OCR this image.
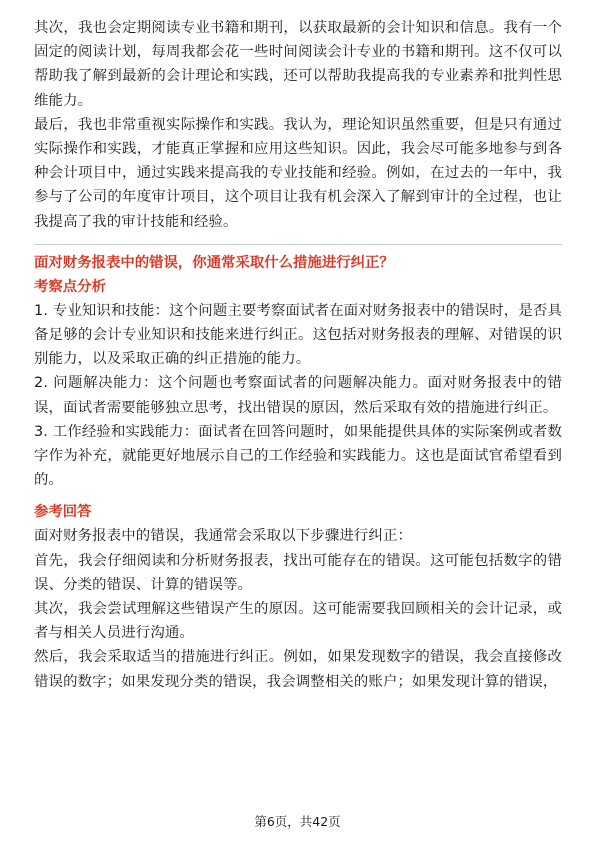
其次，我也会定期阅读专业书籍和期刊，以获取最新的会计知识和信息。我有一个固定的阅读计划，每周我都会花一些时间阅读会计专业的书籍和期刊。这不仅可以帮助我了解到最新的会计理论和实践，还可以帮助我提高我的专业素养和批判性思维能力。

最后，我也非常重视实际操作和实践。我认为，理论知识虽然重要，但是只有通过实际操作和实践，才能真正掌握和应用这些知识。因此，我会尽可能多地参与到各种会计项目中，通过实践来提高我的专业技能和经验。例如，在过去的一年中，我参与了公司的年度审计项目，这个项目让我有机会深入了解到审计的全过程，也让我提高了我的审计技能和经验。

面对财务报表中的错误，你通常采取什么措施进行纠正？

考察点分析

1. 专业知识和技能：这个问题主要考察面试者在面对财务报表中的错误时，是否具备足够的会计专业知识和技能来进行纠正。这包括对财务报表的理解、对错误的识别能力，以及采取正确的纠正措施的能力。

2. 问题解决能力：这个问题也考察面试者的问题解决能力。面对财务报表中的错误，面试者需要能够独立思考，找出错误的原因，然后采取有效的措施进行纠正。

3. 工作经验和实践能力：面试者在回答问题时，如果能提供具体的实际案例或者数字作为补充，就能更好地展示自己的工作经验和实践能力。这也是面试官希望看到的。

参考回答

面对财务报表中的错误，我通常会采取以下步骤进行纠正：

首先，我会仔细阅读和分析财务报表，找出可能存在的错误。这可能包括数字的错误、分类的错误、计算的错误等。

其次，我会尝试理解这些错误产生的原因。这可能需要我回顾相关的会计记录，或者与相关人员进行沟通。

然后，我会采取适当的措施进行纠正。例如，如果发现数字的错误，我会直接修改错误的数字；如果发现分类的错误，我会调整相关的账户；如果发现计算的错误，

第6页，共42页
